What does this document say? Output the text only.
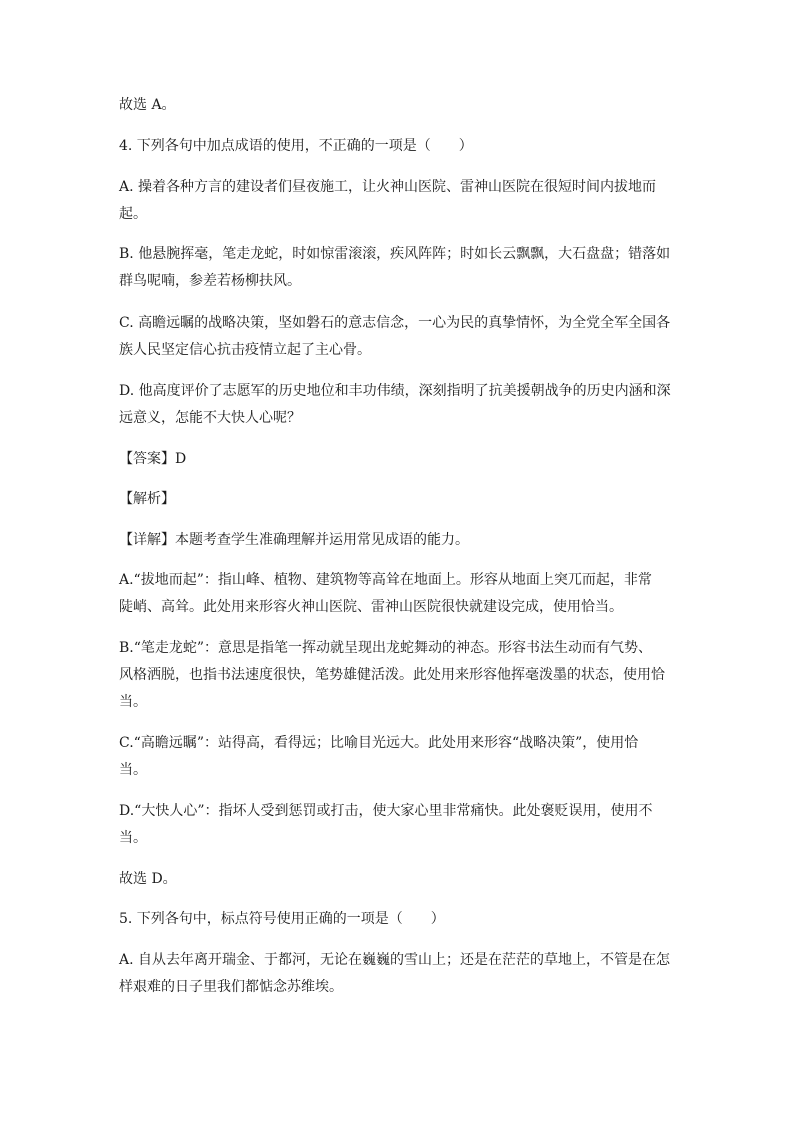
故选 A。
4. 下列各句中加点成语的使用，不正确的一项是（　　）
A. 操着各种方言的建设者们昼夜施工，让火神山医院、雷神山医院在很短时间内拔地而
起。
B. 他悬腕挥毫，笔走龙蛇，时如惊雷滚滚，疾风阵阵；时如长云飘飘，大石盘盘；错落如
群鸟呢喃，参差若杨柳扶风。
C. 高瞻远瞩的战略决策，坚如磐石的意志信念，一心为民的真挚情怀，为全党全军全国各
族人民坚定信心抗击疫情立起了主心骨。
D. 他高度评价了志愿军的历史地位和丰功伟绩，深刻指明了抗美援朝战争的历史内涵和深
远意义，怎能不大快人心呢？
【答案】D
【解析】
【详解】本题考查学生准确理解并运用常见成语的能力。
A.“拔地而起”：指山峰、植物、建筑物等高耸在地面上。形容从地面上突兀而起，非常
陡峭、高耸。此处用来形容火神山医院、雷神山医院很快就建设完成，使用恰当。
B.“笔走龙蛇”：意思是指笔一挥动就呈现出龙蛇舞动的神态。形容书法生动而有气势、
风格洒脱，也指书法速度很快，笔势雄健活泼。此处用来形容他挥毫泼墨的状态，使用恰
当。
C.“高瞻远瞩”：站得高，看得远；比喻目光远大。此处用来形容“战略决策”，使用恰
当。
D.“大快人心”：指坏人受到惩罚或打击，使大家心里非常痛快。此处褒贬误用，使用不
当。
故选 D。
5. 下列各句中，标点符号使用正确的一项是（　　）
A. 自从去年离开瑞金、于都河，无论在巍巍的雪山上；还是在茫茫的草地上，不管是在怎
样艰难的日子里我们都惦念苏维埃。
